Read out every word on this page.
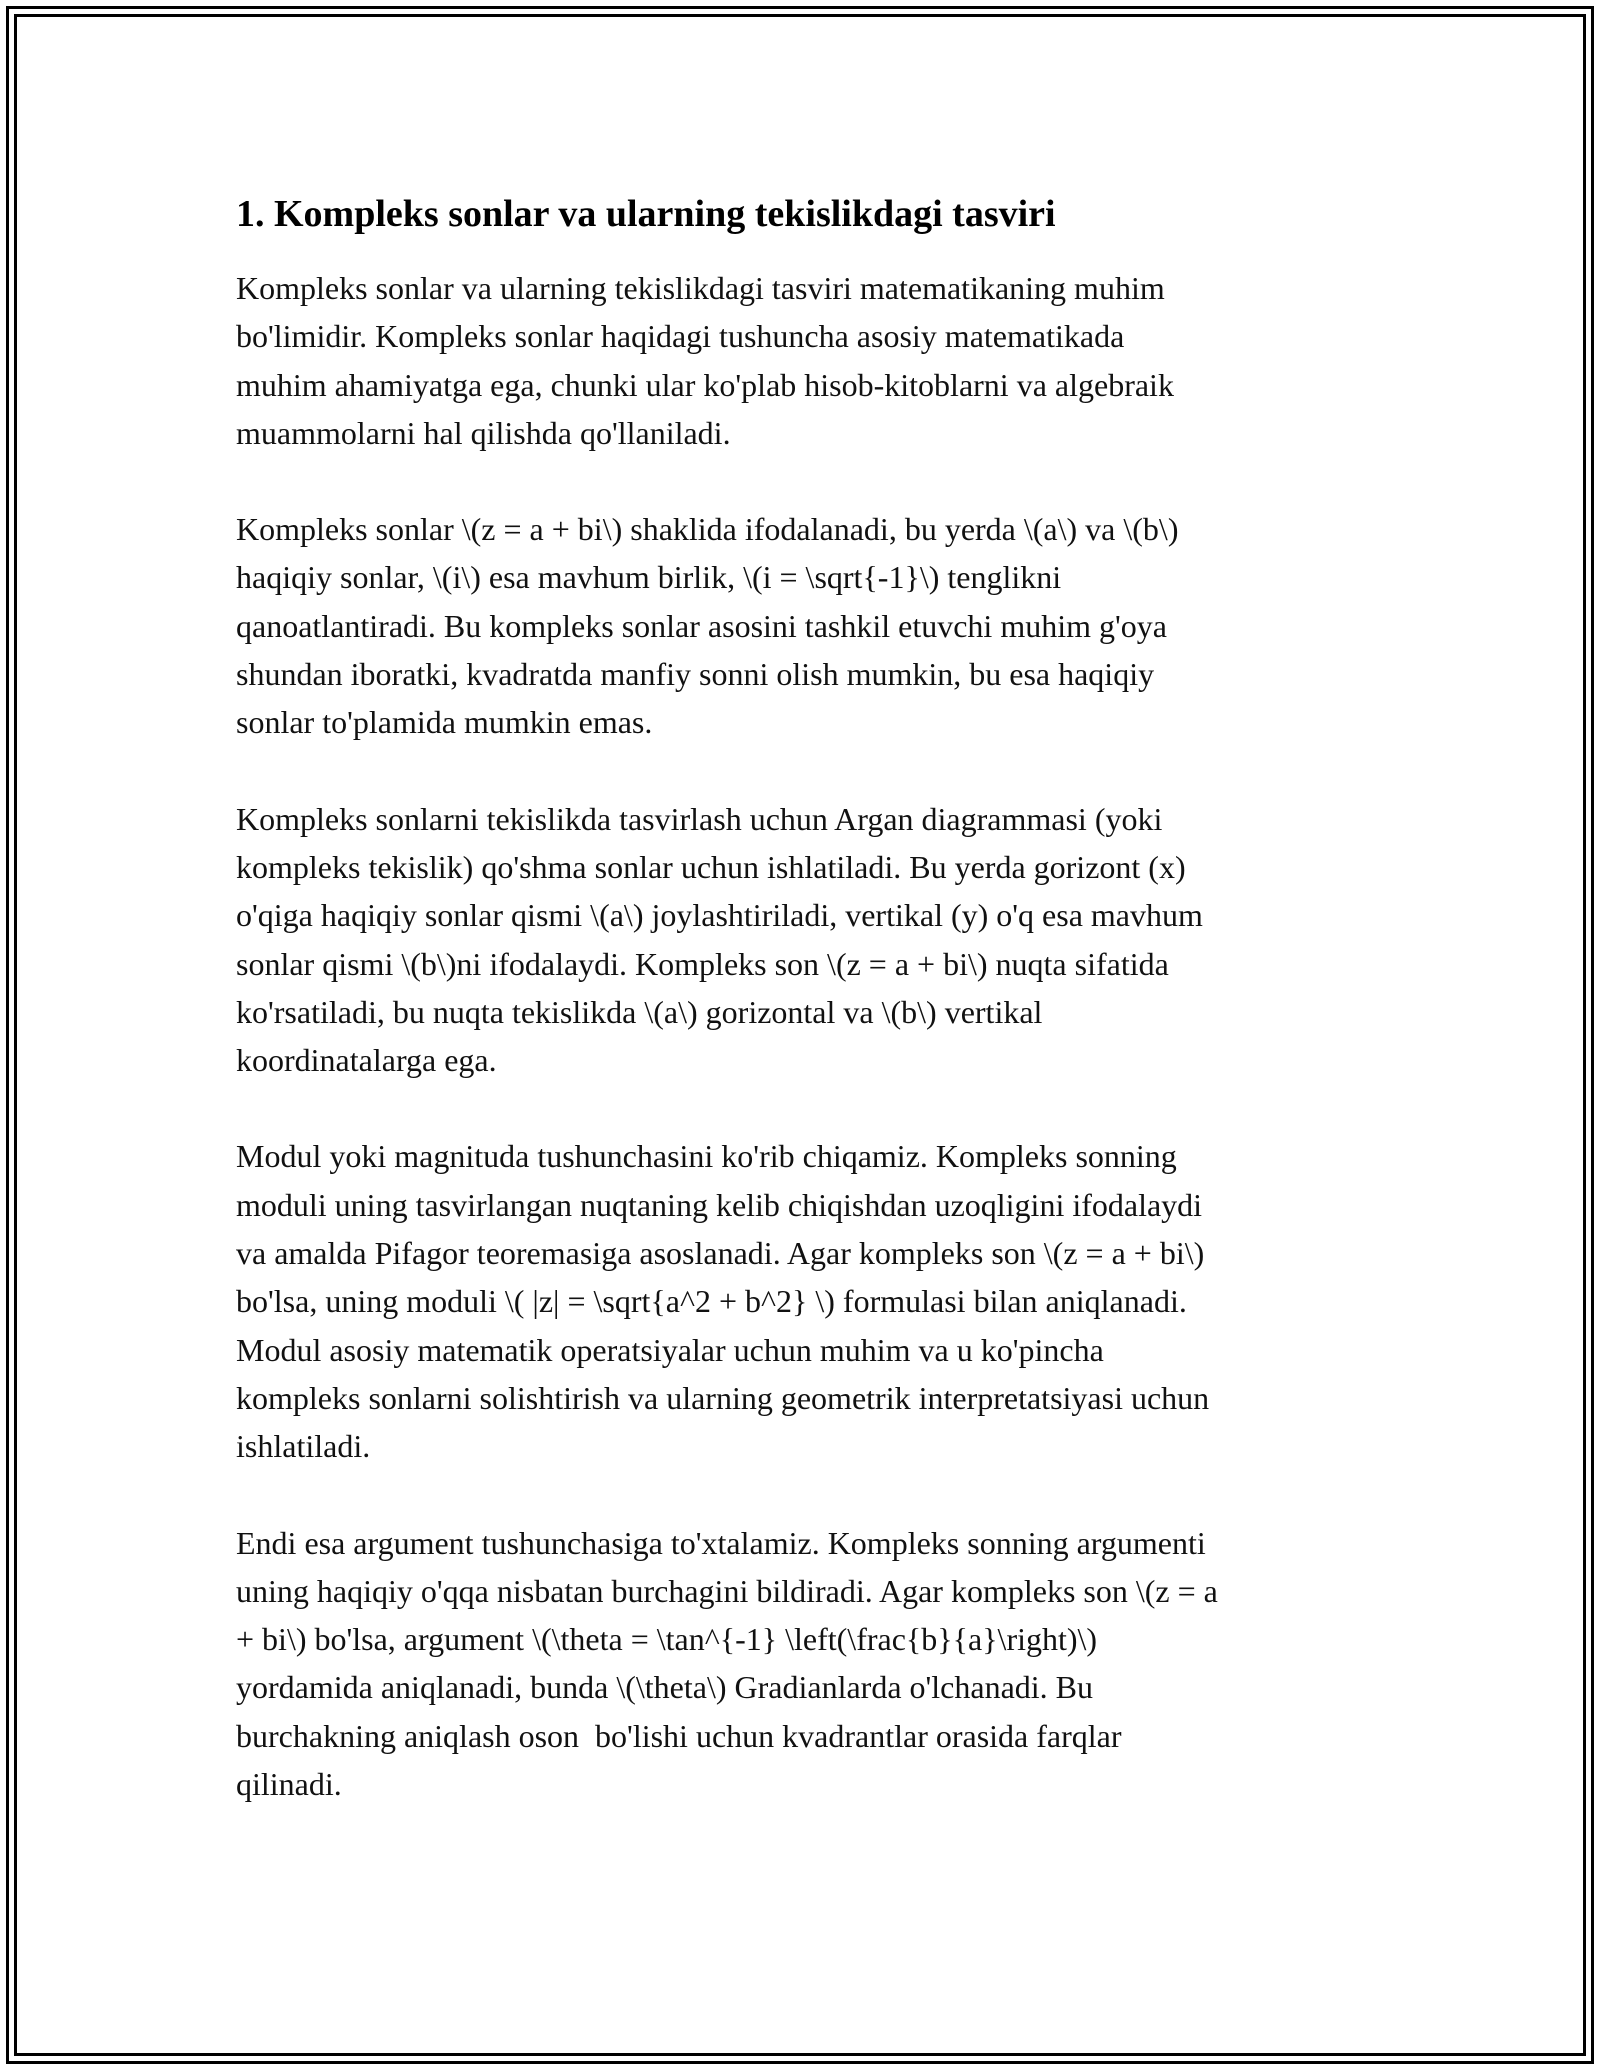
1. Kompleks sonlar va ularning tekislikdagi tasviri

Kompleks sonlar va ularning tekislikdagi tasviri matematikaning muhim
bo'limidir. Kompleks sonlar haqidagi tushuncha asosiy matematikada
muhim ahamiyatga ega, chunki ular ko'plab hisob-kitoblarni va algebraik
muammolarni hal qilishda qo'llaniladi.

Kompleks sonlar \(z = a + bi\) shaklida ifodalanadi, bu yerda \(a\) va \(b\)
haqiqiy sonlar, \(i\) esa mavhum birlik, \(i = \sqrt{-1}\) tenglikni
qanoatlantiradi. Bu kompleks sonlar asosini tashkil etuvchi muhim g'oya
shundan iboratki, kvadratda manfiy sonni olish mumkin, bu esa haqiqiy
sonlar to'plamida mumkin emas.

Kompleks sonlarni tekislikda tasvirlash uchun Argan diagrammasi (yoki
kompleks tekislik) qo'shma sonlar uchun ishlatiladi. Bu yerda gorizont (x)
o'qiga haqiqiy sonlar qismi \(a\) joylashtiriladi, vertikal (y) o'q esa mavhum
sonlar qismi \(b\)ni ifodalaydi. Kompleks son \(z = a + bi\) nuqta sifatida
ko'rsatiladi, bu nuqta tekislikda \(a\) gorizontal va \(b\) vertikal
koordinatalarga ega.

Modul yoki magnituda tushunchasini ko'rib chiqamiz. Kompleks sonning
moduli uning tasvirlangan nuqtaning kelib chiqishdan uzoqligini ifodalaydi
va amalda Pifagor teoremasiga asoslanadi. Agar kompleks son \(z = a + bi\)
bo'lsa, uning moduli \( |z| = \sqrt{a^2 + b^2} \) formulasi bilan aniqlanadi.
Modul asosiy matematik operatsiyalar uchun muhim va u ko'pincha
kompleks sonlarni solishtirish va ularning geometrik interpretatsiyasi uchun
ishlatiladi.

Endi esa argument tushunchasiga to'xtalamiz. Kompleks sonning argumenti
uning haqiqiy o'qqa nisbatan burchagini bildiradi. Agar kompleks son \(z = a
+ bi\) bo'lsa, argument \(\theta = \tan^{-1} \left(\frac{b}{a}\right)\)
yordamida aniqlanadi, bunda \(\theta\) Gradianlarda o'lchanadi. Bu
burchakning aniqlash oson  bo'lishi uchun kvadrantlar orasida farqlar
qilinadi.
